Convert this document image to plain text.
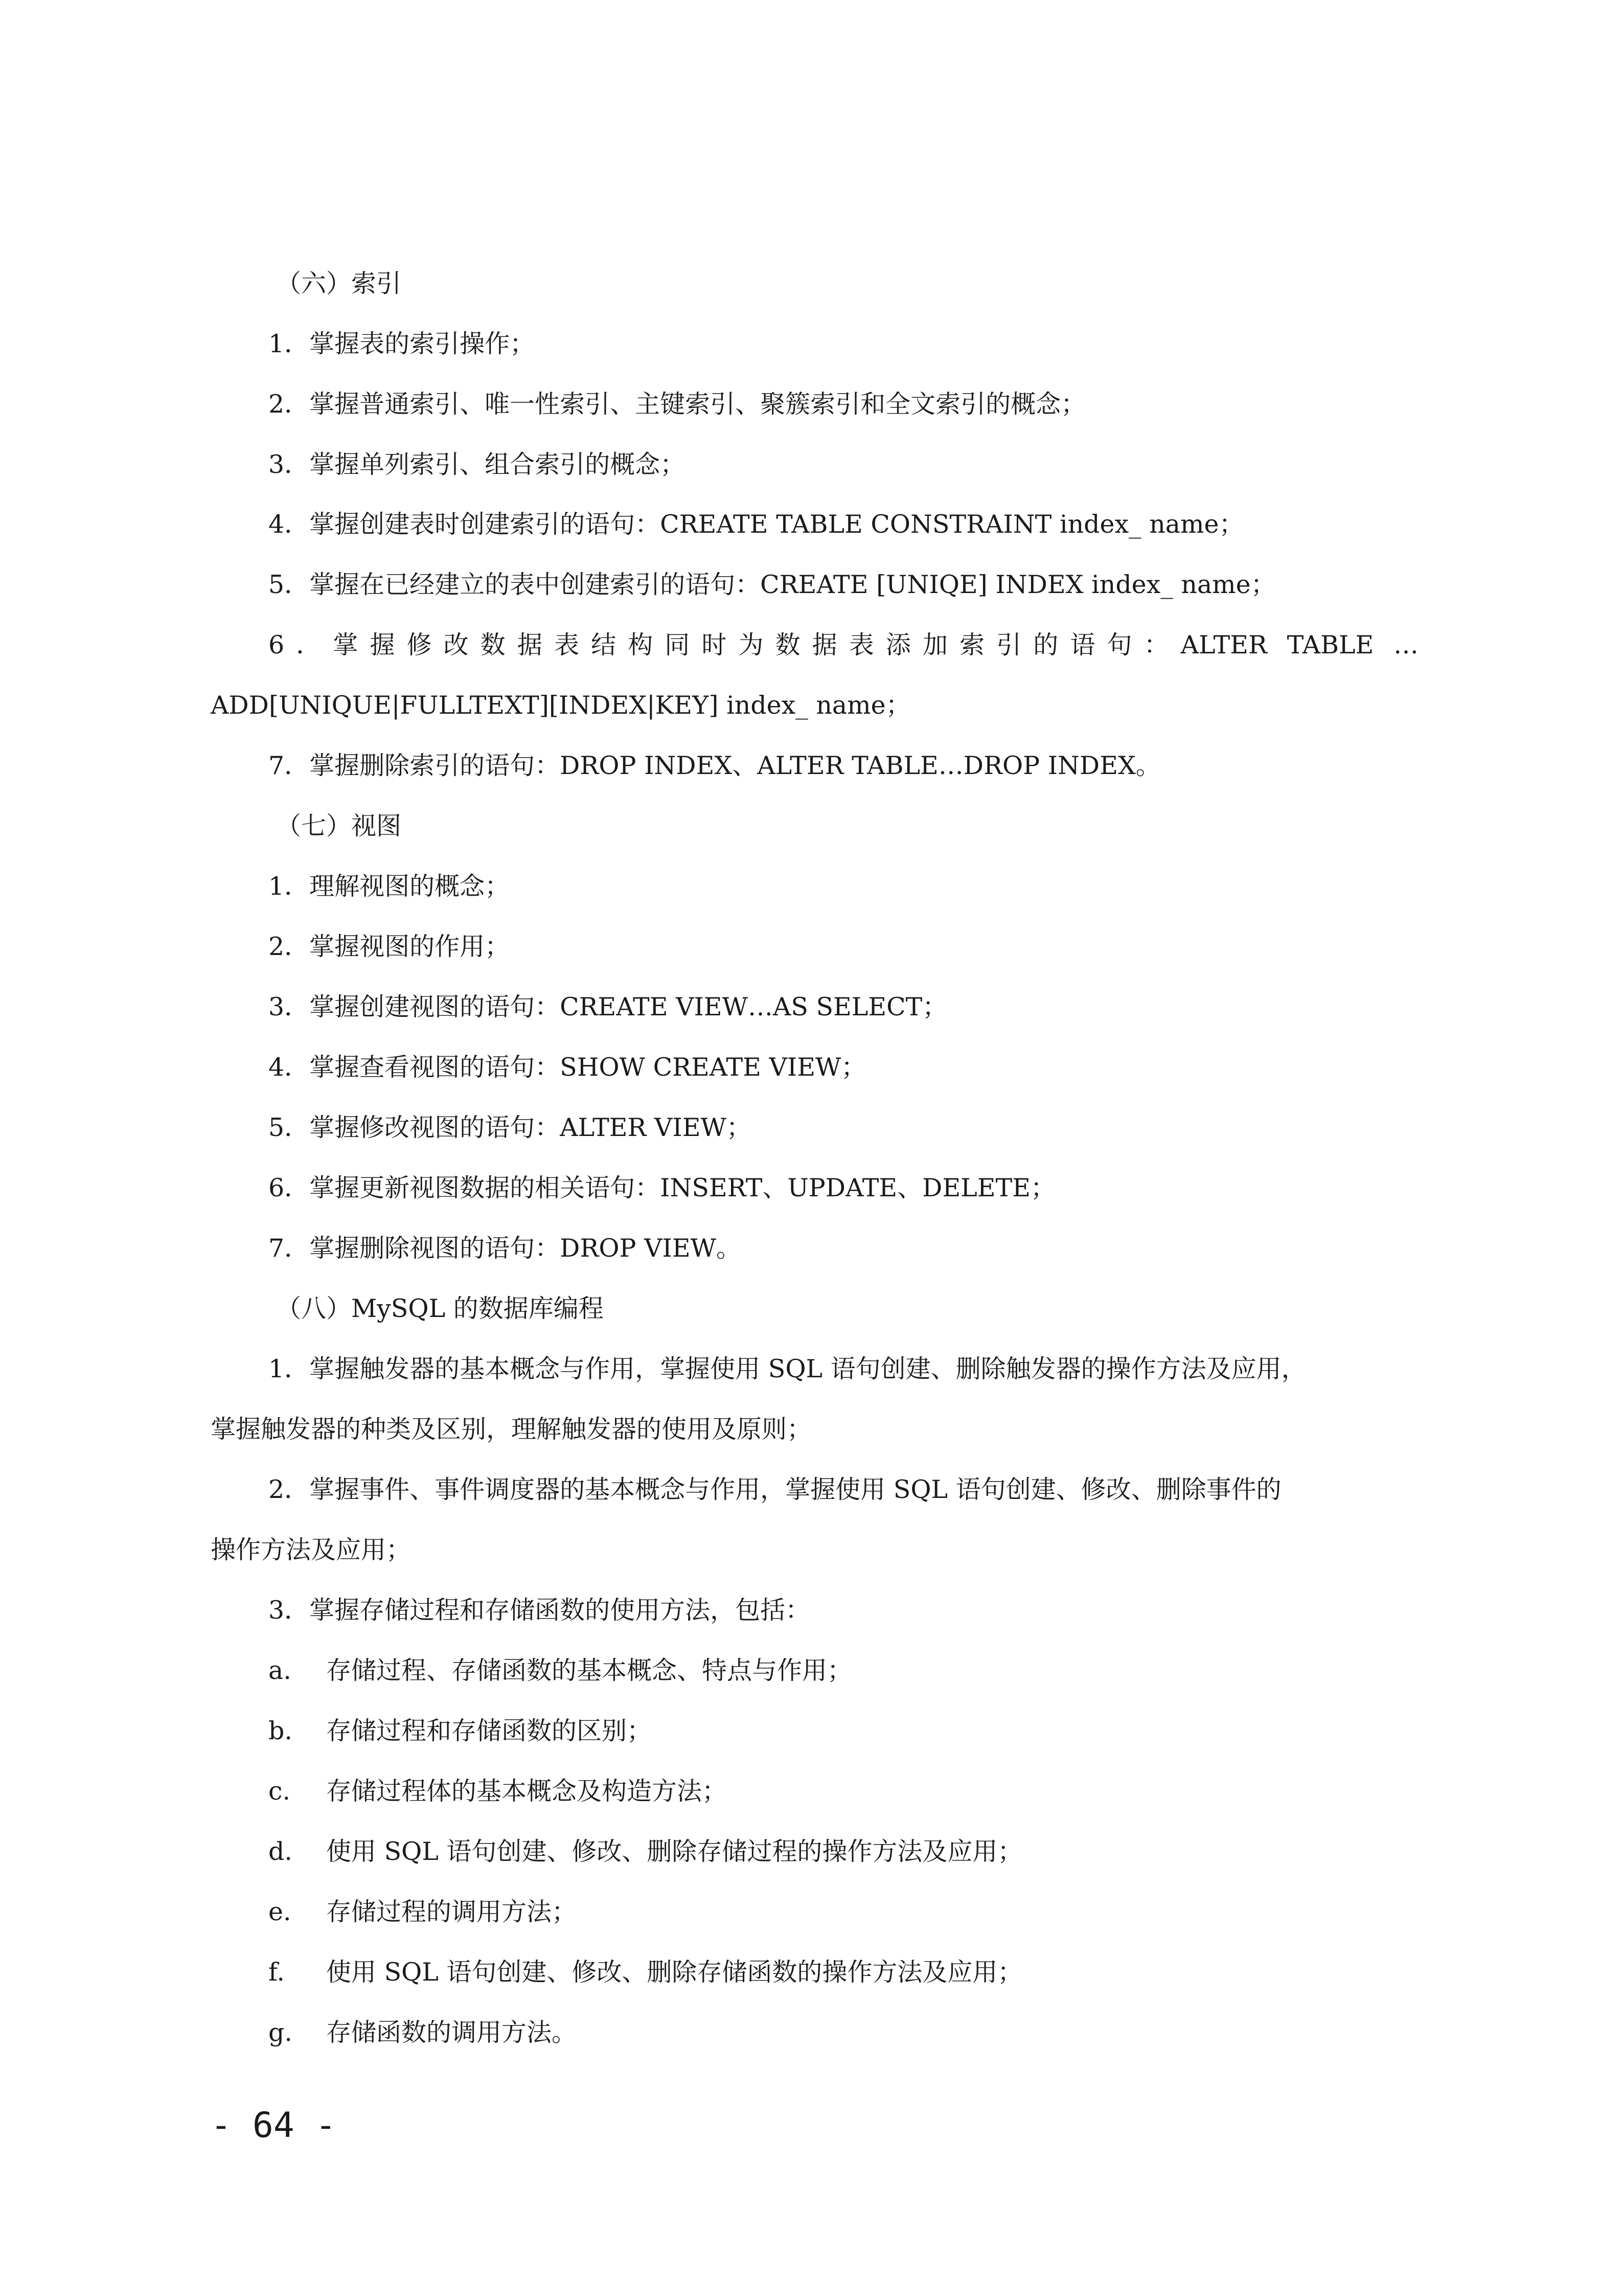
（六）索引
1．掌握表的索引操作；
2．掌握普通索引、唯一性索引、主键索引、聚簇索引和全文索引的概念；
3．掌握单列索引、组合索引的概念；
4．掌握创建表时创建索引的语句：CREATE TABLE CONSTRAINT index_ name；
5．掌握在已经建立的表中创建索引的语句：CREATE [UNIQE] INDEX index_ name；
6．掌握修改数据表结构同时为数据表添加索引的语句：ALTER TABLE …
ADD[UNIQUE|FULLTEXT][INDEX|KEY] index_ name；
7．掌握删除索引的语句：DROP INDEX、ALTER TABLE…DROP INDEX。
（七）视图
1．理解视图的概念；
2．掌握视图的作用；
3．掌握创建视图的语句：CREATE VIEW…AS SELECT；
4．掌握查看视图的语句：SHOW CREATE VIEW；
5．掌握修改视图的语句：ALTER VIEW；
6．掌握更新视图数据的相关语句：INSERT、UPDATE、DELETE；
7．掌握删除视图的语句：DROP VIEW。
（八）MySQL 的数据库编程
1．掌握触发器的基本概念与作用，掌握使用 SQL 语句创建、删除触发器的操作方法及应用，
掌握触发器的种类及区别，理解触发器的使用及原则；
2．掌握事件、事件调度器的基本概念与作用，掌握使用 SQL 语句创建、修改、删除事件的
操作方法及应用；
3．掌握存储过程和存储函数的使用方法，包括：
a. 存储过程、存储函数的基本概念、特点与作用；
b. 存储过程和存储函数的区别；
c. 存储过程体的基本概念及构造方法；
d. 使用 SQL 语句创建、修改、删除存储过程的操作方法及应用；
e. 存储过程的调用方法；
f. 使用 SQL 语句创建、修改、删除存储函数的操作方法及应用；
g. 存储函数的调用方法。
- 64 -
